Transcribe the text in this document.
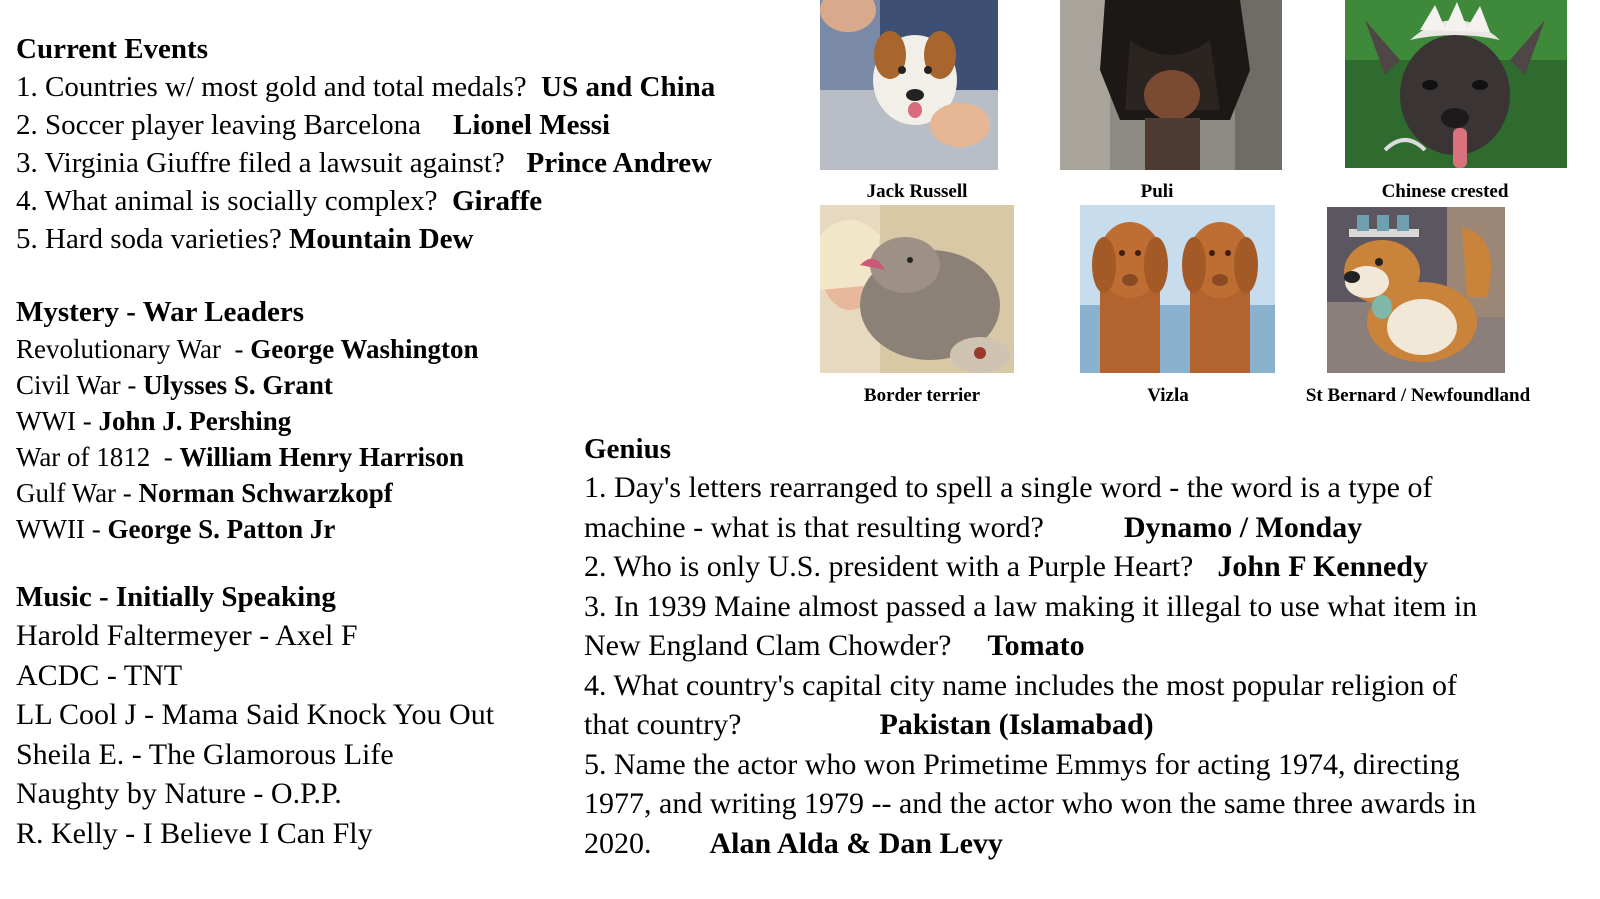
Current Events
1. Countries w/ most gold and total medals? US and China
2. Soccer player leaving Barcelona Lionel Messi
3. Virginia Giuffre filed a lawsuit against? Prince Andrew
4. What animal is socially complex? Giraffe
5. Hard soda varieties? Mountain Dew
Mystery - War Leaders
Revolutionary War  - George Washington
Civil War - Ulysses S. Grant
WWI - John J. Pershing
War of 1812  - William Henry Harrison
Gulf War - Norman Schwarzkopf
WWII - George S. Patton Jr
Music - Initially Speaking
Harold Faltermeyer - Axel F
ACDC - TNT
LL Cool J - Mama Said Knock You Out
Sheila E. - The Glamorous Life
Naughty by Nature - O.P.P.
R. Kelly - I Believe I Can Fly
Jack Russell	Puli	Chinese crested
Border terrier	Vizla	St Bernard / Newfoundland
Genius
1. Day's letters rearranged to spell a single word - the word is a type of
machine - what is that resulting word?	Dynamo / Monday
2. Who is only U.S. president with a Purple Heart? John F Kennedy
3. In 1939 Maine almost passed a law making it illegal to use what item in
New England Clam Chowder? Tomato
4. What country's capital city name includes the most popular religion of
that country?	Pakistan (Islamabad)
5. Name the actor who won Primetime Emmys for acting 1974, directing
1977, and writing 1979 -- and the actor who won the same three awards in
2020. Alan Alda & Dan Levy
